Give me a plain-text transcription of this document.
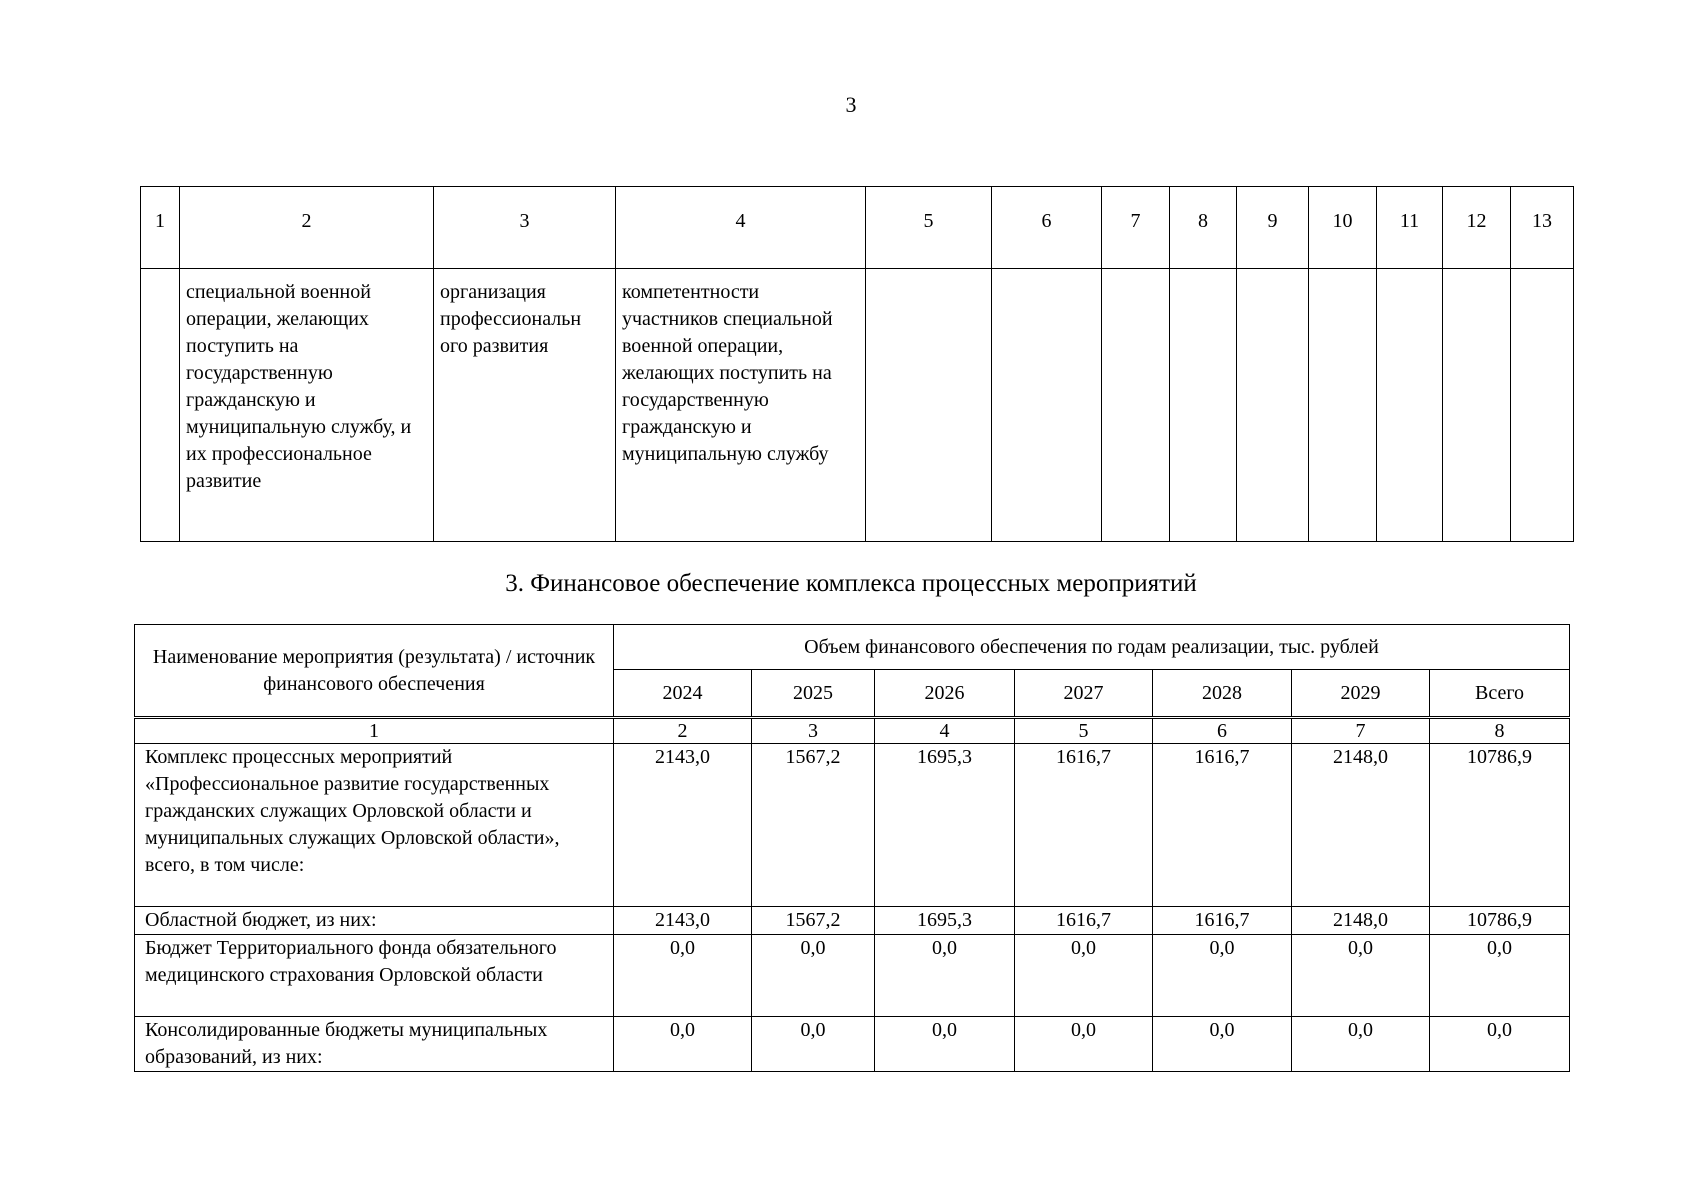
3
1	2	3	4	5	6	7	8	9	10	11	12	13
	специальной военной операции, желающих поступить на государственную гражданскую и муниципальную службу, и их профессиональное развитие	организация профессиональн ого развития	компетентности участников специальной военной операции, желающих поступить на государственную гражданскую и муниципальную службу									
3. Финансовое обеспечение комплекса процессных мероприятий
Наименование мероприятия (результата) / источник финансового обеспечения	Объем финансового обеспечения по годам реализации, тыс. рублей						
	2024	2025	2026	2027	2028	2029	Всего
1	2	3	4	5	6	7	8
Комплекс процессных мероприятий «Профессиональное развитие государственных гражданских служащих Орловской области и муниципальных служащих Орловской области», всего, в том числе:	2143,0	1567,2	1695,3	1616,7	1616,7	2148,0	10786,9
Областной бюджет, из них:	2143,0	1567,2	1695,3	1616,7	1616,7	2148,0	10786,9
Бюджет Территориального фонда обязательного медицинского страхования Орловской области	0,0	0,0	0,0	0,0	0,0	0,0	0,0
Консолидированные бюджеты муниципальных образований, из них:	0,0	0,0	0,0	0,0	0,0	0,0	0,0
